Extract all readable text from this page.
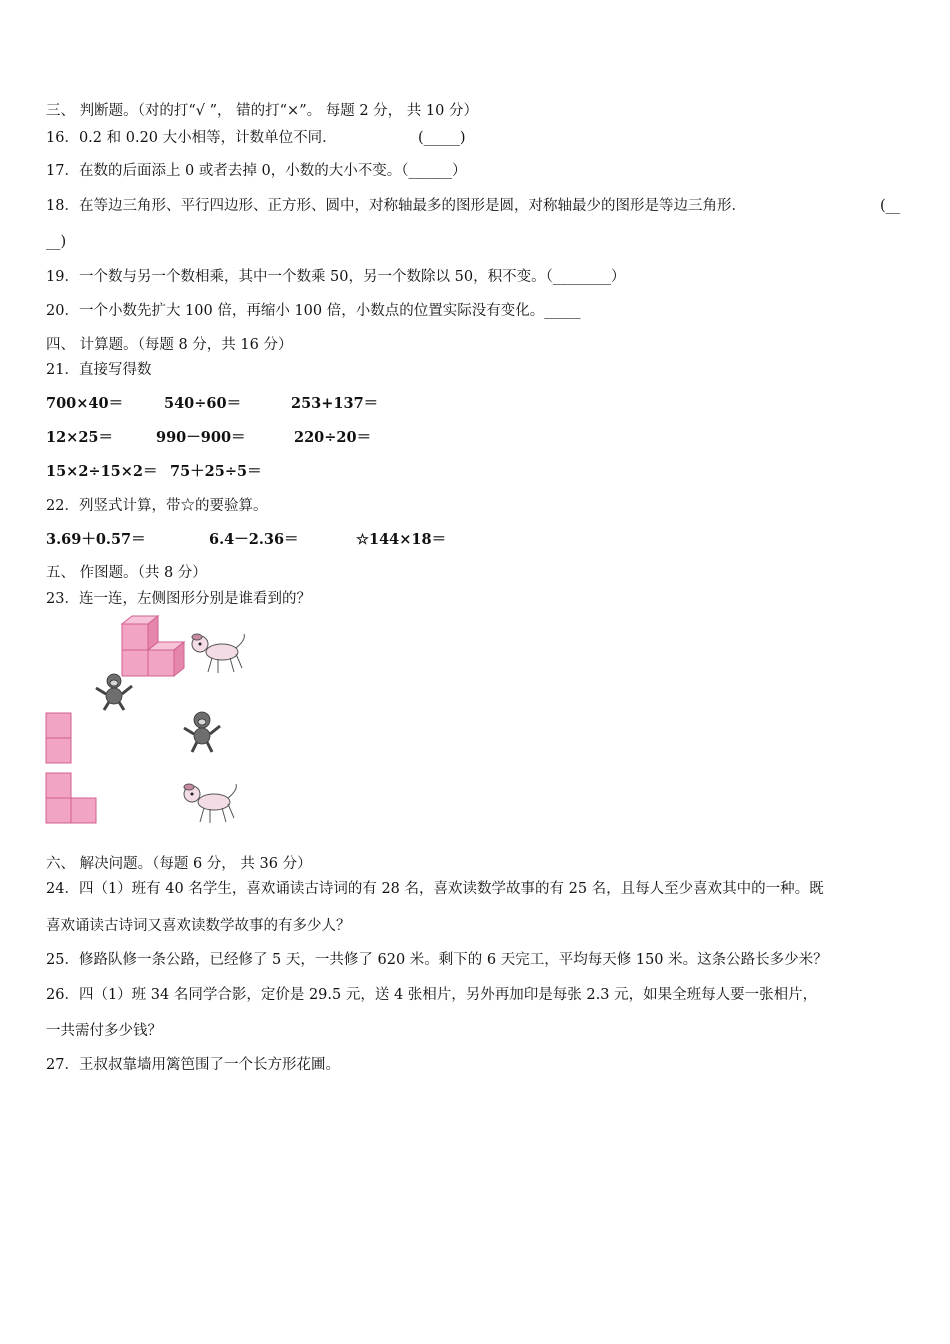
三、 判断题。（对的打“√ ”， 错的打“×”。 每题 2 分， 共 10 分）
16．0.2 和 0.20 大小相等，计数单位不同．	(_____)
17．在数的后面添上 0 或者去掉 0，小数的大小不变。（______）
18．在等边三角形、平行四边形、正方形、圆中，对称轴最多的图形是圆，对称轴最少的图形是等边三角形．	(__
__)
19．一个数与另一个数相乘，其中一个数乘 50，另一个数除以 50，积不变。（________）
20．一个小数先扩大 100 倍，再缩小 100 倍，小数点的位置实际没有变化。_____
四、 计算题。（每题 8 分，共 16 分）
21．直接写得数
700×40＝	540÷60＝	253+137＝
12×25＝	990－900＝	220÷20＝
15×2÷15×2＝ 75＋25÷5＝
22．列竖式计算，带☆的要验算。
3.69＋0.57＝	6.4－2.36＝	☆144×18＝
五、 作图题。（共 8 分）
23．连一连，左侧图形分别是谁看到的？
六、 解决问题。（每题 6 分， 共 36 分）
24．四（1）班有 40 名学生，喜欢诵读古诗词的有 28 名，喜欢读数学故事的有 25 名，且每人至少喜欢其中的一种。既
喜欢诵读古诗词又喜欢读数学故事的有多少人？
25．修路队修一条公路，已经修了 5 天，一共修了 620 米。剩下的 6 天完工，平均每天修 150 米。这条公路长多少米？
26．四（1）班 34 名同学合影，定价是 29.5 元，送 4 张相片，另外再加印是每张 2.3 元，如果全班每人要一张相片，
一共需付多少钱？
27．王叔叔靠墙用篱笆围了一个长方形花圃。
